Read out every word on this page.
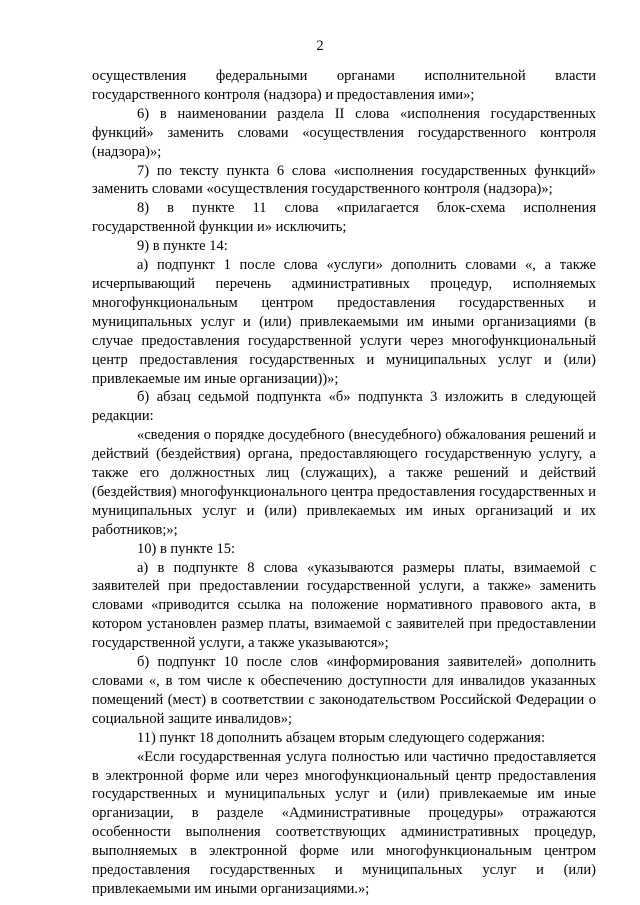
2

осуществления федеральными органами исполнительной власти государственного контроля (надзора) и предоставления ими»;

6) в наименовании раздела II слова «исполнения государственных функций» заменить словами «осуществления государственного контроля (надзора)»;

7) по тексту пункта 6 слова «исполнения государственных функций» заменить словами «осуществления государственного контроля (надзора)»;

8) в пункте 11 слова «прилагается блок-схема исполнения государственной функции и» исключить;

9) в пункте 14:

а) подпункт 1 после слова «услуги» дополнить словами «, а также исчерпывающий перечень административных процедур, исполняемых многофункциональным центром предоставления государственных и муниципальных услуг и (или) привлекаемыми им иными организациями (в случае предоставления государственной услуги через многофункциональный центр предоставления государственных и муниципальных услуг и (или) привлекаемые им иные организации))»;

б) абзац седьмой подпункта «б» подпункта 3 изложить в следующей редакции:

«сведения о порядке досудебного (внесудебного) обжалования решений и действий (бездействия) органа, предоставляющего государственную услугу, а также его должностных лиц (служащих), а также решений и действий (бездействия) многофункционального центра предоставления государственных и муниципальных услуг и (или) привлекаемых им иных организаций и их работников;»;

10) в пункте 15:

а) в подпункте 8 слова «указываются размеры платы, взимаемой с заявителей при предоставлении государственной услуги, а также» заменить словами «приводится ссылка на положение нормативного правового акта, в котором установлен размер платы, взимаемой с заявителей при предоставлении государственной услуги, а также указываются»;

б) подпункт 10 после слов «информирования заявителей» дополнить словами «, в том числе к обеспечению доступности для инвалидов указанных помещений (мест) в соответствии с законодательством Российской Федерации о социальной защите инвалидов»;

11) пункт 18 дополнить абзацем вторым следующего содержания:

«Если государственная услуга полностью или частично предоставляется в электронной форме или через многофункциональный центр предоставления государственных и муниципальных услуг и (или) привлекаемые им иные организации, в разделе «Административные процедуры» отражаются особенности выполнения соответствующих административных процедур, выполняемых в электронной форме или многофункциональным центром предоставления государственных и муниципальных услуг и (или) привлекаемыми им иными организациями.»;
